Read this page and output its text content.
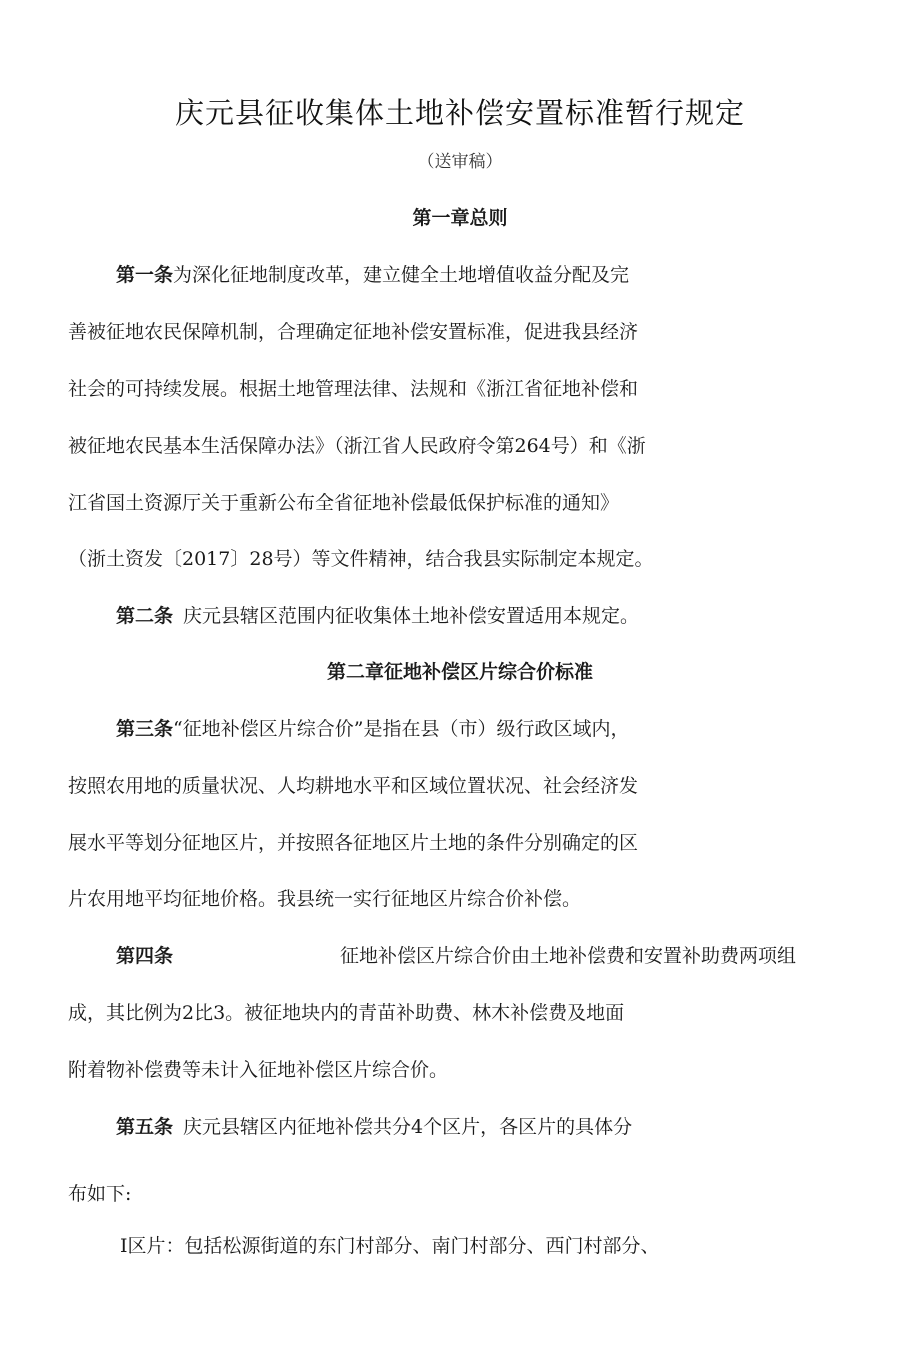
庆元县征收集体土地补偿安置标准暂行规定
（送审稿）
第一章总则
第一条为深化征地制度改革，建立健全土地增值收益分配及完
善被征地农民保障机制，合理确定征地补偿安置标准，促进我县经济
社会的可持续发展。根据土地管理法律、法规和《浙江省征地补偿和
被征地农民基本生活保障办法》（浙江省人民政府令第264号）和《浙
江省国土资源厅关于重新公布全省征地补偿最低保护标准的通知》
（浙土资发〔2017〕28号）等文件精神，结合我县实际制定本规定。
第二条 庆元县辖区范围内征收集体土地补偿安置适用本规定。
第二章征地补偿区片综合价标准
第三条“征地补偿区片综合价”是指在县（市）级行政区域内，
按照农用地的质量状况、人均耕地水平和区域位置状况、社会经济发
展水平等划分征地区片，并按照各征地区片土地的条件分别确定的区
片农用地平均征地价格。我县统一实行征地区片综合价补偿。
第四条	征地补偿区片综合价由土地补偿费和安置补助费两项组
成，其比例为2比3。被征地块内的青苗补助费、林木补偿费及地面
附着物补偿费等未计入征地补偿区片综合价。
第五条 庆元县辖区内征地补偿共分4个区片，各区片的具体分
布如下:
Ⅰ区片：包括松源街道的东门村部分、南门村部分、西门村部分、
